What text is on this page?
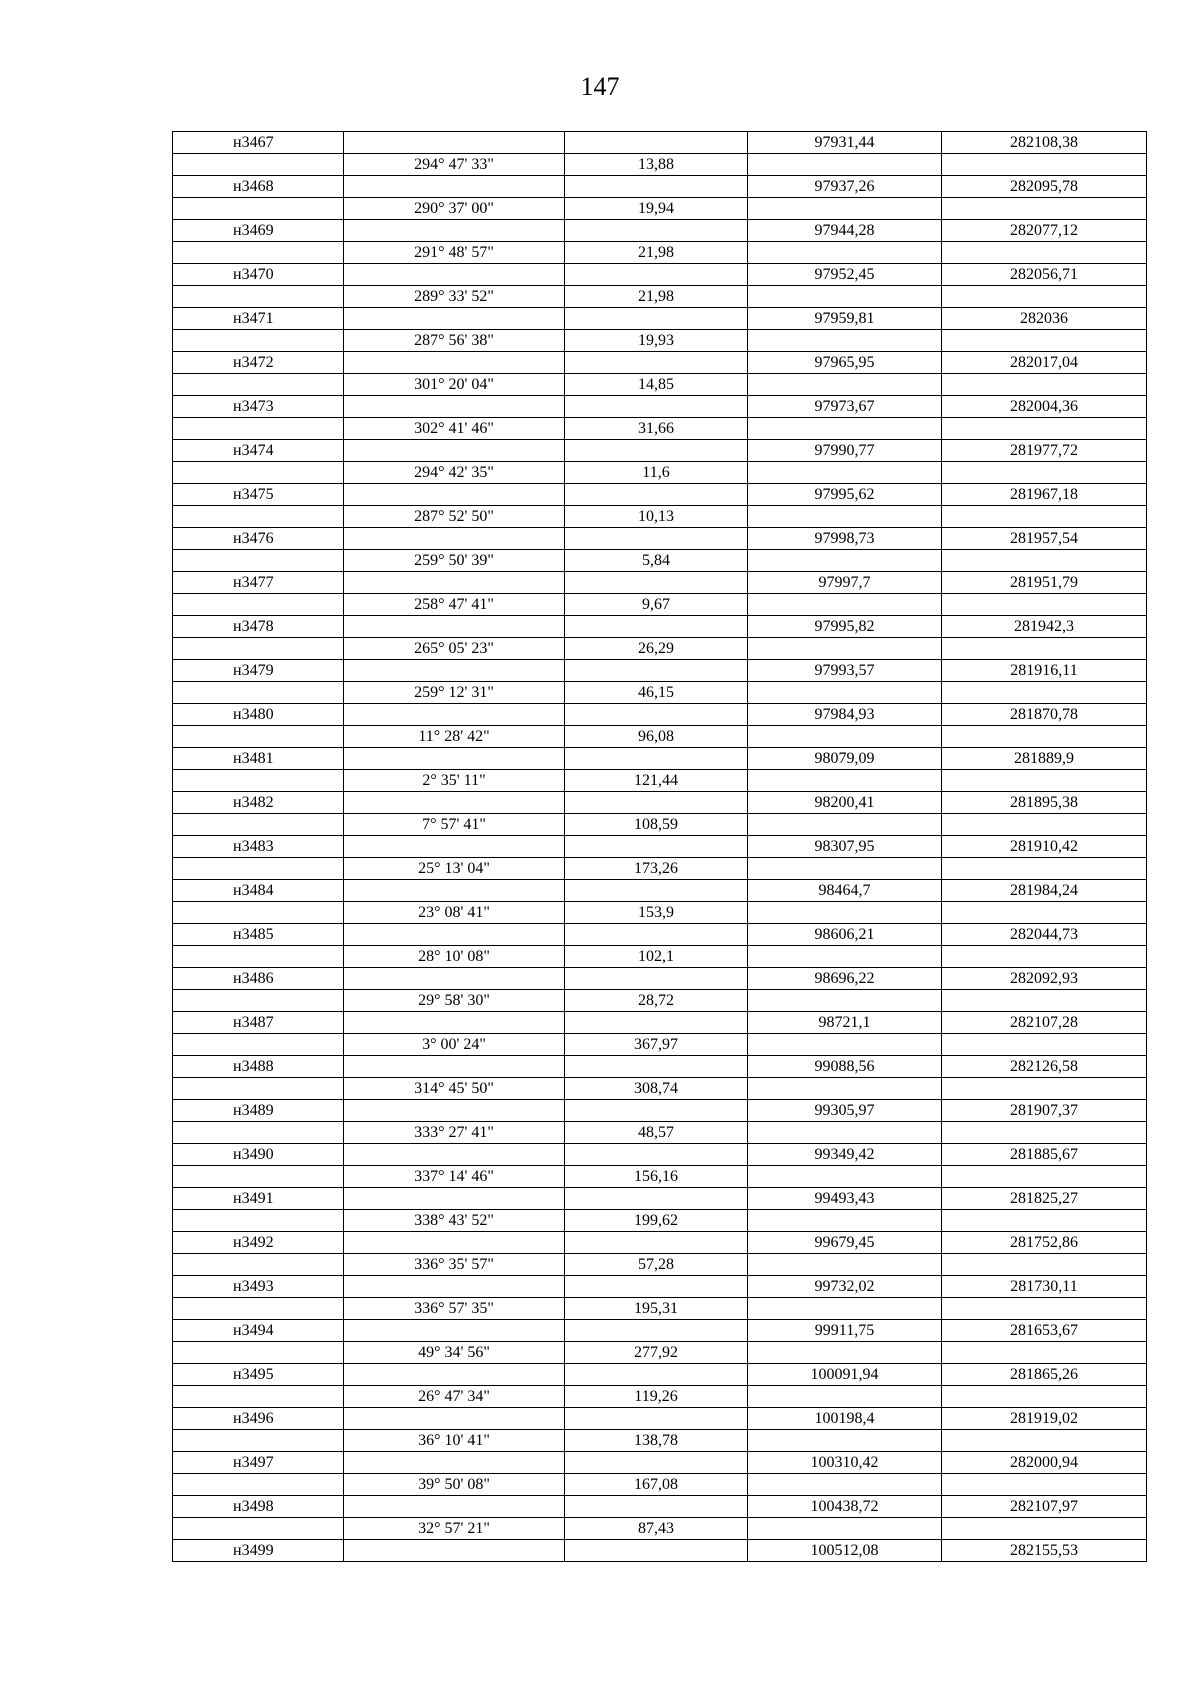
147
н3467			97931,44	282108,38
	294° 47' 33"	13,88		
н3468			97937,26	282095,78
	290° 37' 00"	19,94		
н3469			97944,28	282077,12
	291° 48' 57"	21,98		
н3470			97952,45	282056,71
	289° 33' 52"	21,98		
н3471			97959,81	282036
	287° 56' 38"	19,93		
н3472			97965,95	282017,04
	301° 20' 04"	14,85		
н3473			97973,67	282004,36
	302° 41' 46"	31,66		
н3474			97990,77	281977,72
	294° 42' 35"	11,6		
н3475			97995,62	281967,18
	287° 52' 50"	10,13		
н3476			97998,73	281957,54
	259° 50' 39"	5,84		
н3477			97997,7	281951,79
	258° 47' 41"	9,67		
н3478			97995,82	281942,3
	265° 05' 23"	26,29		
н3479			97993,57	281916,11
	259° 12' 31"	46,15		
н3480			97984,93	281870,78
	11° 28' 42"	96,08		
н3481			98079,09	281889,9
	2° 35' 11"	121,44		
н3482			98200,41	281895,38
	7° 57' 41"	108,59		
н3483			98307,95	281910,42
	25° 13' 04"	173,26		
н3484			98464,7	281984,24
	23° 08' 41"	153,9		
н3485			98606,21	282044,73
	28° 10' 08"	102,1		
н3486			98696,22	282092,93
	29° 58' 30"	28,72		
н3487			98721,1	282107,28
	3° 00' 24"	367,97		
н3488			99088,56	282126,58
	314° 45' 50"	308,74		
н3489			99305,97	281907,37
	333° 27' 41"	48,57		
н3490			99349,42	281885,67
	337° 14' 46"	156,16		
н3491			99493,43	281825,27
	338° 43' 52"	199,62		
н3492			99679,45	281752,86
	336° 35' 57"	57,28		
н3493			99732,02	281730,11
	336° 57' 35"	195,31		
н3494			99911,75	281653,67
	49° 34' 56"	277,92		
н3495			100091,94	281865,26
	26° 47' 34"	119,26		
н3496			100198,4	281919,02
	36° 10' 41"	138,78		
н3497			100310,42	282000,94
	39° 50' 08"	167,08		
н3498			100438,72	282107,97
	32° 57' 21"	87,43		
н3499			100512,08	282155,53
